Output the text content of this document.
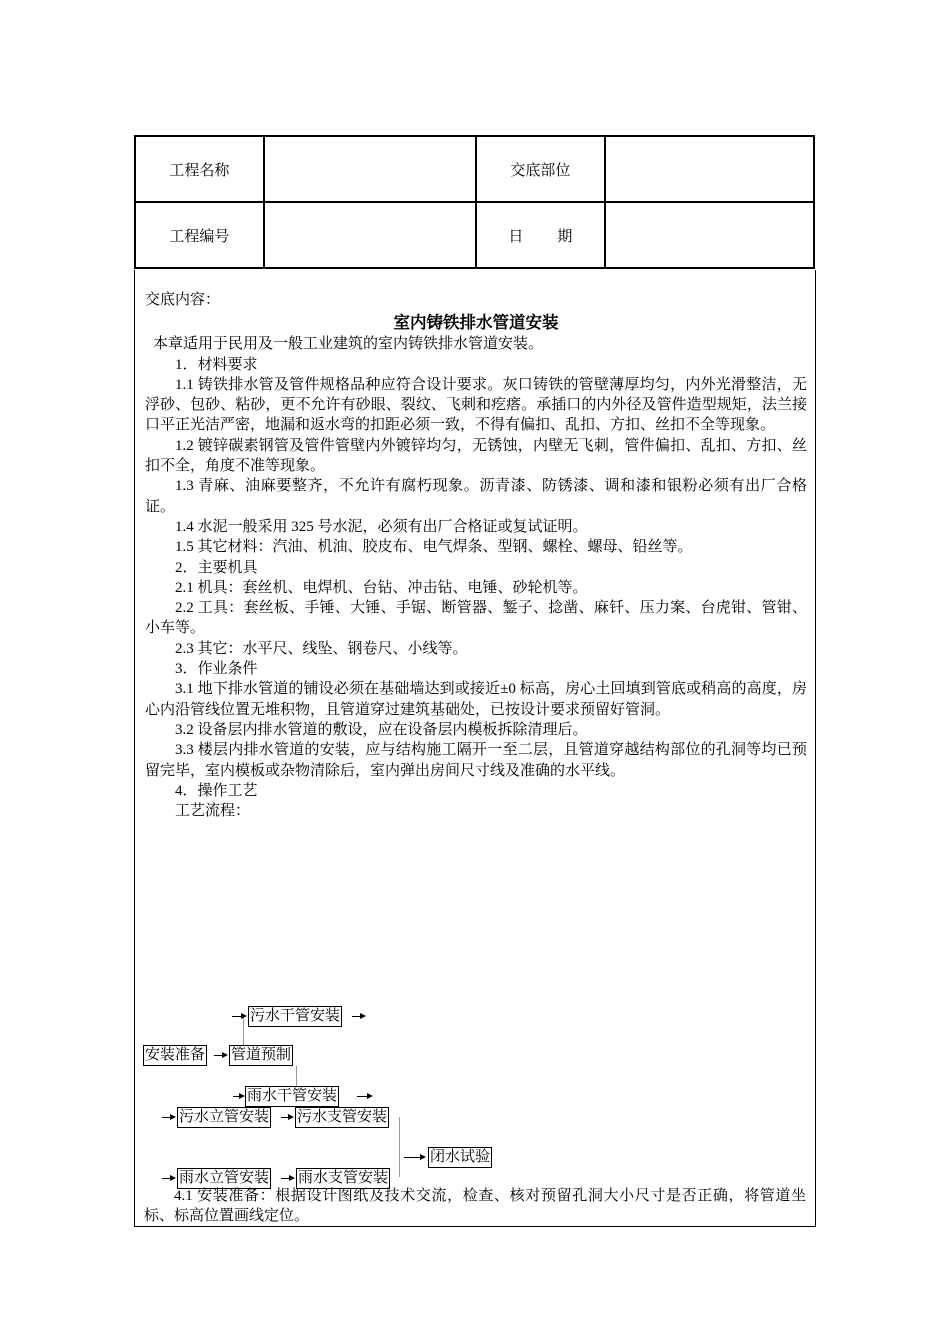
工程名称		交底部位	
工程编号		日 期	

交底内容：

室内铸铁排水管道安装

本章适用于民用及一般工业建筑的室内铸铁排水管道安装。

1．材料要求

1.1 铸铁排水管及管件规格品种应符合设计要求。灰口铸铁的管壁薄厚均匀，内外光滑整洁，无浮砂、包砂、粘砂，更不允许有砂眼、裂纹、飞刺和疙瘩。承插口的内外径及管件造型规矩，法兰接口平正光洁严密，地漏和返水弯的扣距必须一致，不得有偏扣、乱扣、方扣、丝扣不全等现象。

1.2 镀锌碳素钢管及管件管壁内外镀锌均匀，无锈蚀，内壁无飞刺，管件偏扣、乱扣、方扣、丝扣不全，角度不准等现象。

1.3 青麻、油麻要整齐，不允许有腐朽现象。沥青漆、防锈漆、调和漆和银粉必须有出厂合格证。

1.4 水泥一般采用 325 号水泥，必须有出厂合格证或复试证明。

1.5 其它材料：汽油、机油、胶皮布、电气焊条、型钢、螺栓、螺母、铅丝等。

2．主要机具

2.1 机具：套丝机、电焊机、台钻、冲击钻、电锤、砂轮机等。

2.2 工具：套丝板、手锤、大锤、手锯、断管器、錾子、捻凿、麻钎、压力案、台虎钳、管钳、小车等。

2.3 其它：水平尺、线坠、钢卷尺、小线等。

3．作业条件

3.1 地下排水管道的铺设必须在基础墙达到或接近±0 标高，房心土回填到管底或稍高的高度，房心内沿管线位置无堆积物，且管道穿过建筑基础处，已按设计要求预留好管洞。

3.2 设备层内排水管道的敷设，应在设备层内模板拆除清理后。

3.3 楼层内排水管道的安装，应与结构施工隔开一至二层，且管道穿越结构部位的孔洞等均已预留完毕，室内模板或杂物清除后，室内弹出房间尺寸线及准确的水平线。

4．操作工艺

工艺流程：

污水干管安装
安装准备 管道预制
雨水干管安装
污水立管安装 污水支管安装
闭水试验
雨水立管安装 雨水支管安装

4.1 安装准备：根据设计图纸及技术交流，检查、核对预留孔洞大小尺寸是否正确，将管道坐标、标高位置画线定位。
